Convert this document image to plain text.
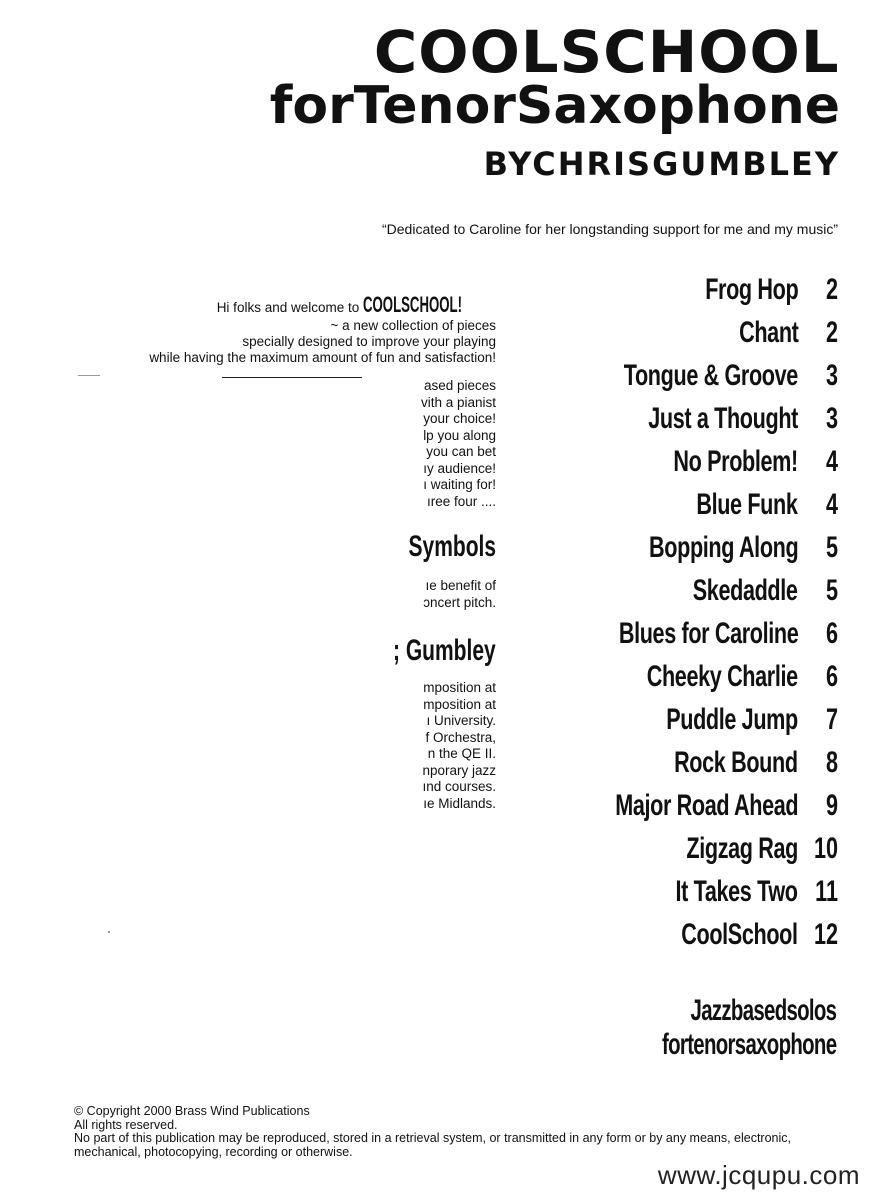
COOLSCHOOL
forTenorSaxophone
BYCHRISGUMBLEY
“Dedicated to Caroline for her longstanding support for me and my music”
Hi folks and welcome to COOLSCHOOL!
~ a new collection of pieces
specially designed to improve your playing
while having the maximum amount of fun and satisfaction!
ased pieces
vith a pianist
your choice!
lp you along
you can bet
ıy audience!
ı waiting for!
ıree four ....
Symbols
ıe benefit of
ɔncert pitch.
; Gumbley
mposition at
mposition at
ı University.
f Orchestra,
n the QE II.
nporary jazz
ınd courses.
ıe Midlands.
Frog Hop 2
Chant 2
Tongue & Groove 3
Just a Thought 3
No Problem! 4
Blue Funk 4
Bopping Along 5
Skedaddle 5
Blues for Caroline 6
Cheeky Charlie 6
Puddle Jump 7
Rock Bound 8
Major Road Ahead 9
Zigzag Rag 10
It Takes Two 11
CoolSchool 12
Jazzbasedsolos
fortenorsaxophone
© Copyright 2000 Brass Wind Publications
All rights reserved.
No part of this publication may be reproduced, stored in a retrieval system, or transmitted in any form or by any means, electronic,
mechanical, photocopying, recording or otherwise.
www.jcqupu.com
